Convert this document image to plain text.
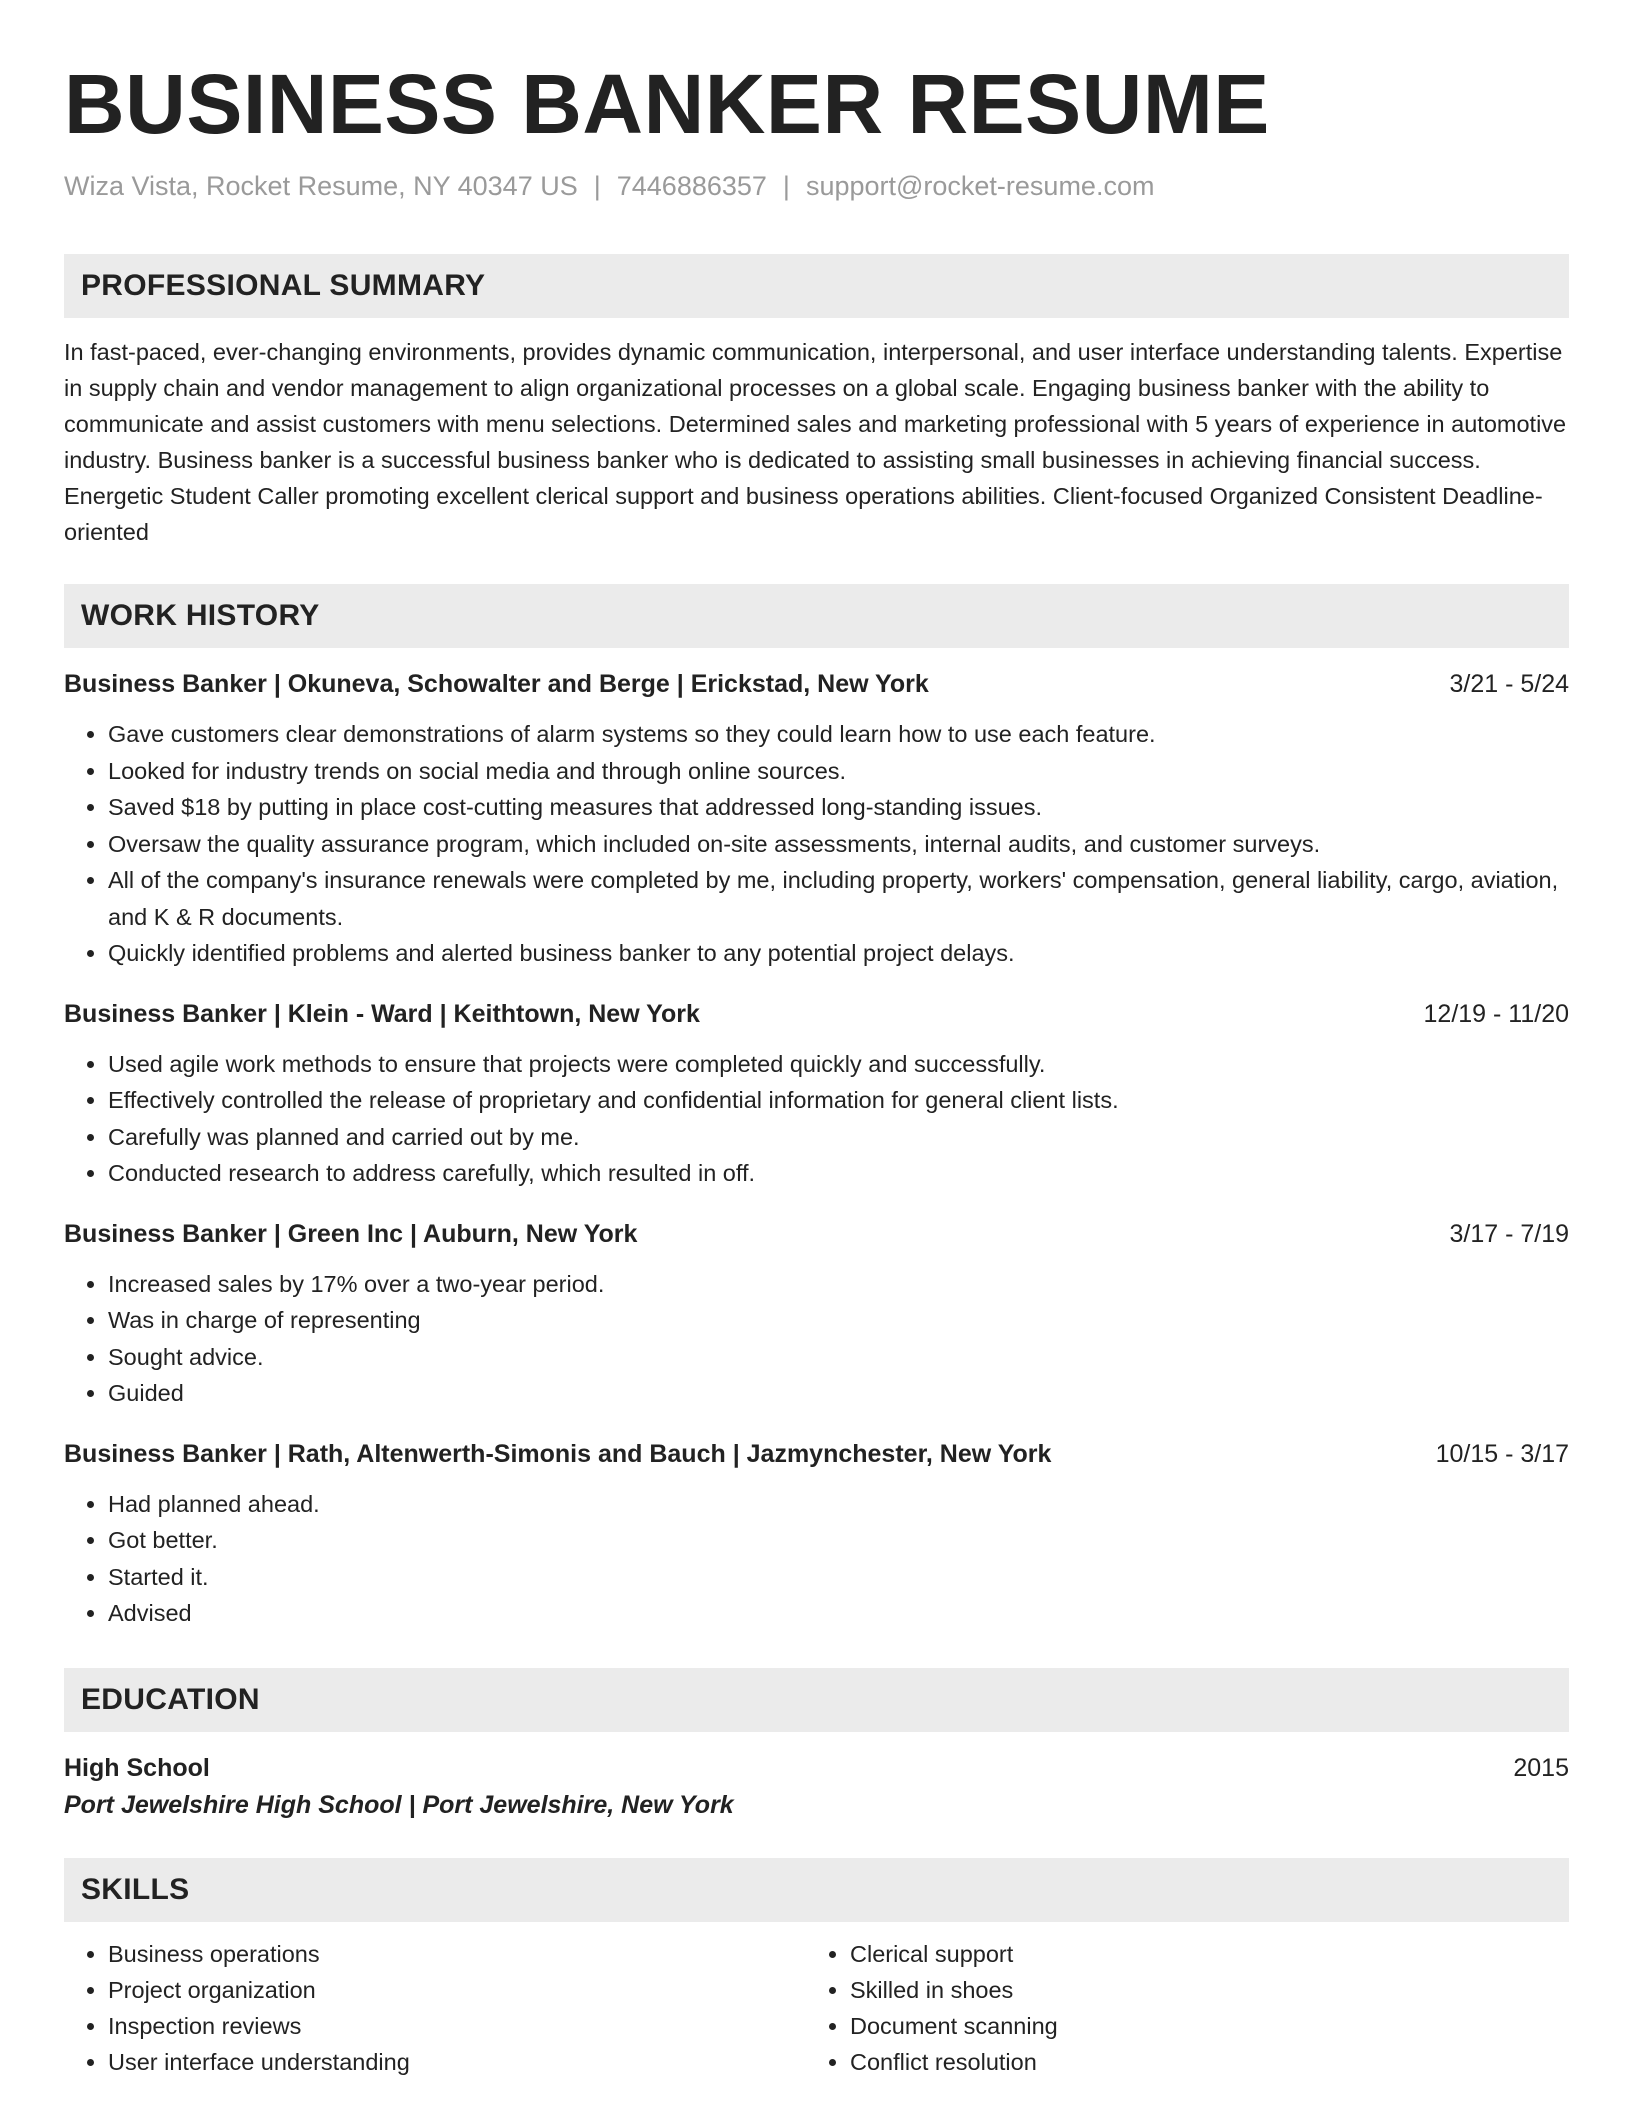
BUSINESS BANKER RESUME
Wiza Vista, Rocket Resume, NY 40347 US | 7446886357 | support@rocket-resume.com
PROFESSIONAL SUMMARY

In fast-paced, ever-changing environments, provides dynamic communication, interpersonal, and user interface understanding talents. Expertise in supply chain and vendor management to align organizational processes on a global scale. Engaging business banker with the ability to communicate and assist customers with menu selections. Determined sales and marketing professional with 5 years of experience in automotive industry. Business banker is a successful business banker who is dedicated to assisting small businesses in achieving financial success. Energetic Student Caller promoting excellent clerical support and business operations abilities. Client-focused Organized Consistent Deadline-oriented

WORK HISTORY
Business Banker | Okuneva, Schowalter and Berge | Erickstad, New York	3/21 - 5/24
• Gave customers clear demonstrations of alarm systems so they could learn how to use each feature.
• Looked for industry trends on social media and through online sources.
• Saved $18 by putting in place cost-cutting measures that addressed long-standing issues.
• Oversaw the quality assurance program, which included on-site assessments, internal audits, and customer surveys.
• All of the company's insurance renewals were completed by me, including property, workers' compensation, general liability, cargo, aviation, and K & R documents.
• Quickly identified problems and alerted business banker to any potential project delays.
Business Banker | Klein - Ward | Keithtown, New York	12/19 - 11/20
• Used agile work methods to ensure that projects were completed quickly and successfully.
• Effectively controlled the release of proprietary and confidential information for general client lists.
• Carefully was planned and carried out by me.
• Conducted research to address carefully, which resulted in off.
Business Banker | Green Inc | Auburn, New York	3/17 - 7/19
• Increased sales by 17% over a two-year period.
• Was in charge of representing
• Sought advice.
• Guided
Business Banker | Rath, Altenwerth-Simonis and Bauch | Jazmynchester, New York	10/15 - 3/17
• Had planned ahead.
• Got better.
• Started it.
• Advised
EDUCATION
High School	2015
Port Jewelshire High School | Port Jewelshire, New York
SKILLS
• Business operations
• Project organization
• Inspection reviews
• User interface understanding
• Clerical support
• Skilled in shoes
• Document scanning
• Conflict resolution
